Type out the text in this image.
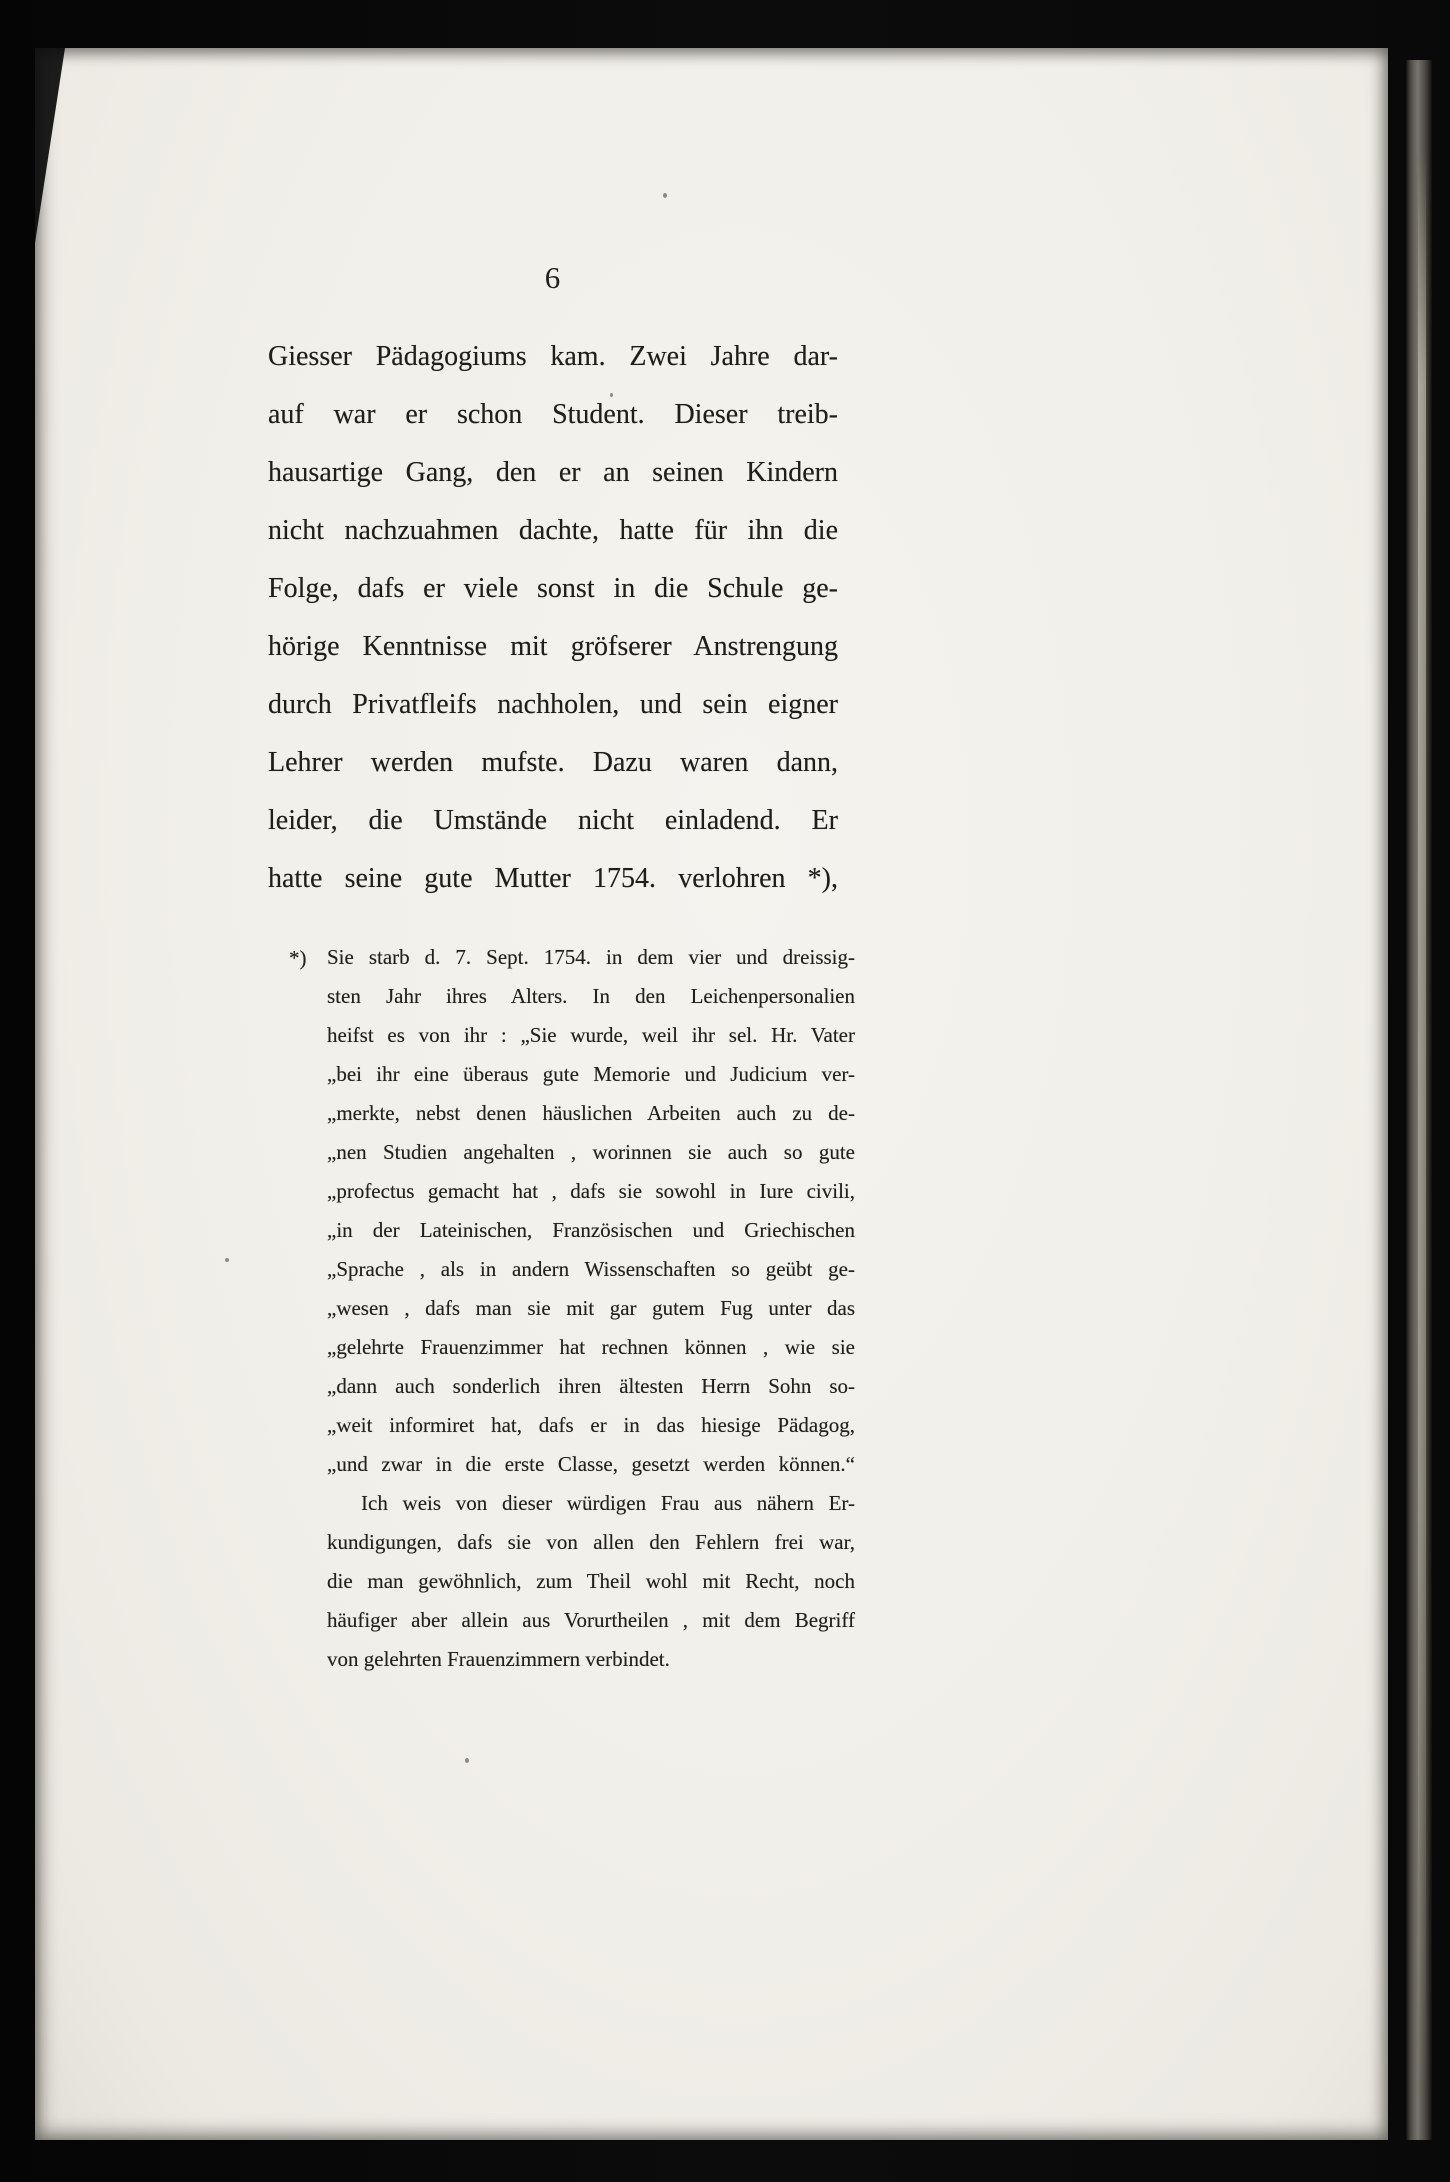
6
Giesser Pädagogiums kam. Zwei Jahre dar-
auf war er schon Student. Dieser treib-
hausartige Gang, den er an seinen Kindern
nicht nachzuahmen dachte, hatte für ihn die
Folge, dafs er viele sonst in die Schule ge-
hörige Kenntnisse mit gröfserer Anstrengung
durch Privatfleifs nachholen, und sein eigner
Lehrer werden mufste. Dazu waren dann,
leider, die Umstände nicht einladend. Er
hatte seine gute Mutter 1754. verlohren *),
*) Sie starb d. 7. Sept. 1754. in dem vier und dreissig-
sten Jahr ihres Alters. In den Leichenpersonalien
heifst es von ihr : „Sie wurde, weil ihr sel. Hr. Vater
„bei ihr eine überaus gute Memorie und Judicium ver-
„merkte, nebst denen häuslichen Arbeiten auch zu de-
„nen Studien angehalten , worinnen sie auch so gute
„profectus gemacht hat , dafs sie sowohl in Iure civili,
„in der Lateinischen, Französischen und Griechischen
„Sprache , als in andern Wissenschaften so geübt ge-
„wesen , dafs man sie mit gar gutem Fug unter das
„gelehrte Frauenzimmer hat rechnen können , wie sie
„dann auch sonderlich ihren ältesten Herrn Sohn so-
„weit informiret hat, dafs er in das hiesige Pädagog,
„und zwar in die erste Classe, gesetzt werden können.“
Ich weis von dieser würdigen Frau aus nähern Er-
kundigungen, dafs sie von allen den Fehlern frei war,
die man gewöhnlich, zum Theil wohl mit Recht, noch
häufiger aber allein aus Vorurtheilen , mit dem Begriff
von gelehrten Frauenzimmern verbindet.
